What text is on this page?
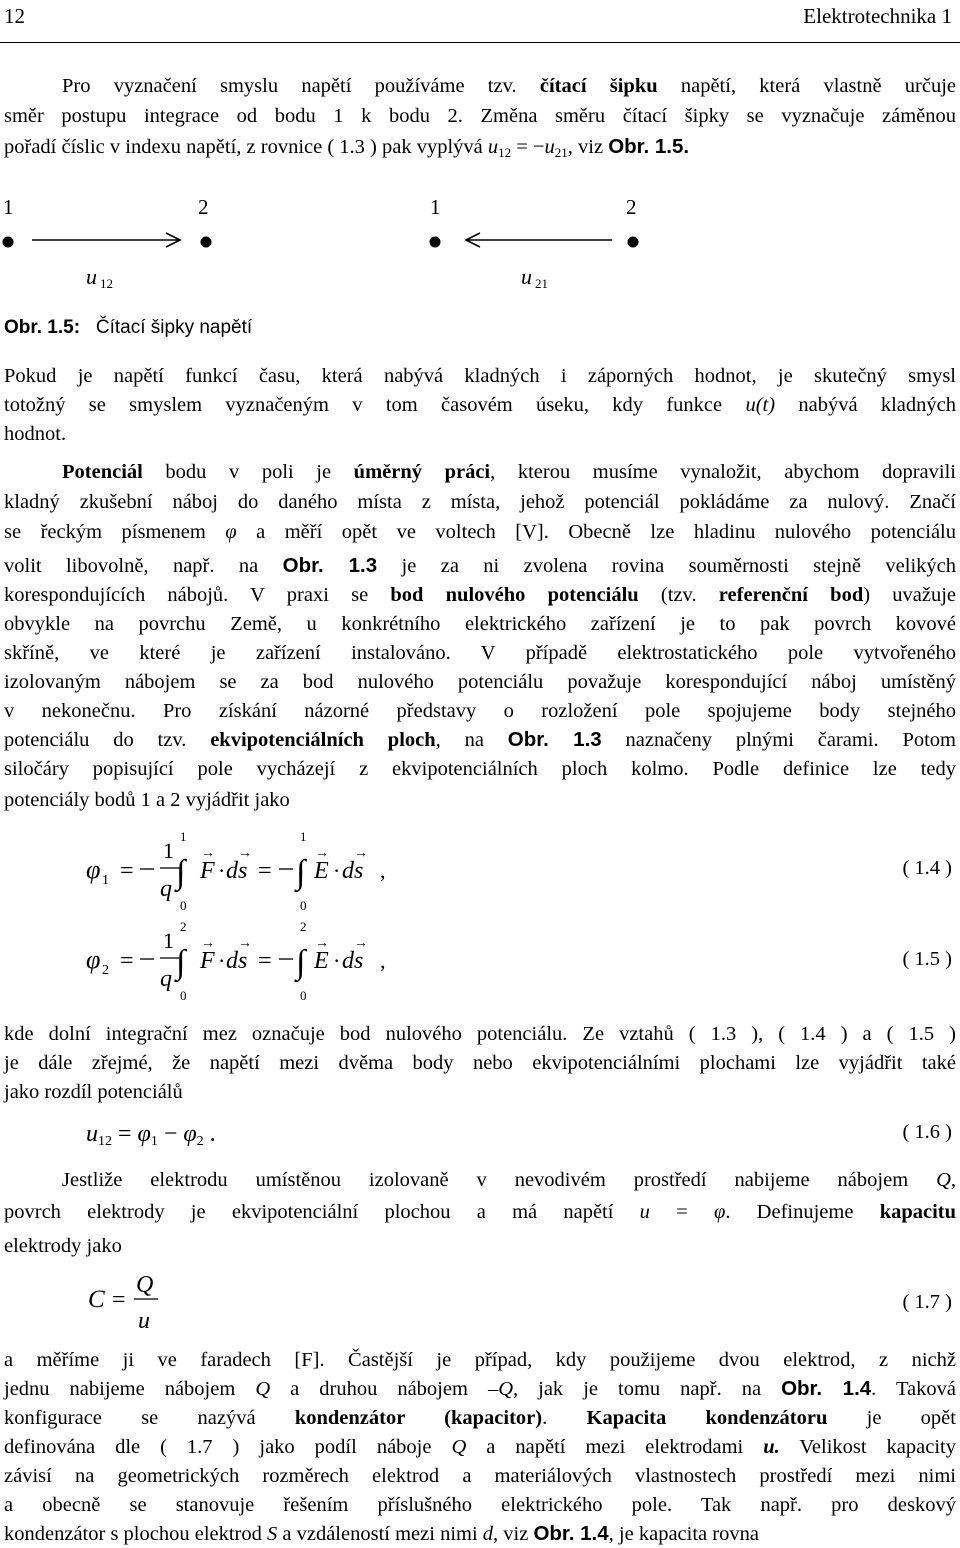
12	Elektrotechnika 1
Pro vyznačení smyslu napětí používáme tzv. čítací šipku napětí, která vlastně určuje
směr postupu integrace od bodu 1 k bodu 2. Změna směru čítací šipky se vyznačuje záměnou
pořadí číslic v indexu napětí, z rovnice ( 1.3 ) pak vyplývá $u_{12} = -u_{21}$, viz Obr. 1.5.
1	2
u 12
1	2
u 21
Obr. 1.5: Čítací šipky napětí
Pokud je napětí funkcí času, která nabývá kladných i záporných hodnot, je skutečný smysl
totožný se smyslem vyznačeným v tom časovém úseku, kdy funkce u(t) nabývá kladných
hodnot.
Potenciál bodu v poli je úměrný práci, kterou musíme vynaložit, abychom dopravili
kladný zkušební náboj do daného místa z místa, jehož potenciál pokládáme za nulový. Značí
se řeckým písmenem φ a měří opět ve voltech [V]. Obecně lze hladinu nulového potenciálu
volit libovolně, např. na Obr. 1.3 je za ni zvolena rovina souměrnosti stejně velikých
korespondujících nábojů. V praxi se bod nulového potenciálu (tzv. referenční bod) uvažuje
obvykle na povrchu Země, u konkrétního elektrického zařízení je to pak povrch kovové
skříně, ve které je zařízení instalováno. V případě elektrostatického pole vytvořeného
izolovaným nábojem se za bod nulového potenciálu považuje korespondující náboj umístěný
v nekonečnu. Pro získání názorné představy o rozložení pole spojujeme body stejného
potenciálu do tzv. ekvipotenciálních ploch, na Obr. 1.3 naznačeny plnými čarami. Potom
siločáry popisující pole vycházejí z ekvipotenciálních ploch kolmo. Podle definice lze tedy
potenciály bodů 1 a 2 vyjádřit jako
φ 1 =
1
q
1
∫
0
F
→
· ds
→
=
1
∫
0
E
→
· ds
→
,	( 1.4 )
φ 2 =
1
q
2
∫
0
F
→
· ds
→
=
2
∫
0
E
→
· ds
→
,	( 1.5 )
kde dolní integrační mez označuje bod nulového potenciálu. Ze vztahů ( 1.3 ), ( 1.4 ) a ( 1.5 )
je dále zřejmé, že napětí mezi dvěma body nebo ekvipotenciálními plochami lze vyjádřit také
jako rozdíl potenciálů
$u_{12} = \varphi_1 - \varphi_2$ .	( 1.6 )
Jestliže elektrodu umístěnou izolovaně v nevodivém prostředí nabijeme nábojem Q,
povrch elektrody je ekvipotenciální plochou a má napětí u = φ. Definujeme kapacitu
elektrody jako
C =
Q
u
( 1.7 )
a měříme ji ve faradech [F]. Častější je případ, kdy použijeme dvou elektrod, z nichž
jednu nabijeme nábojem Q a druhou nábojem –Q, jak je tomu např. na Obr. 1.4. Taková
konfigurace se nazývá kondenzátor (kapacitor). Kapacita kondenzátoru je opět
definována dle ( 1.7 ) jako podíl náboje Q a napětí mezi elektrodami u. Velikost kapacity
závisí na geometrických rozměrech elektrod a materiálových vlastnostech prostředí mezi nimi
a obecně se stanovuje řešením příslušného elektrického pole. Tak např. pro deskový
kondenzátor s plochou elektrod S a vzdáleností mezi nimi d, viz Obr. 1.4, je kapacita rovna
